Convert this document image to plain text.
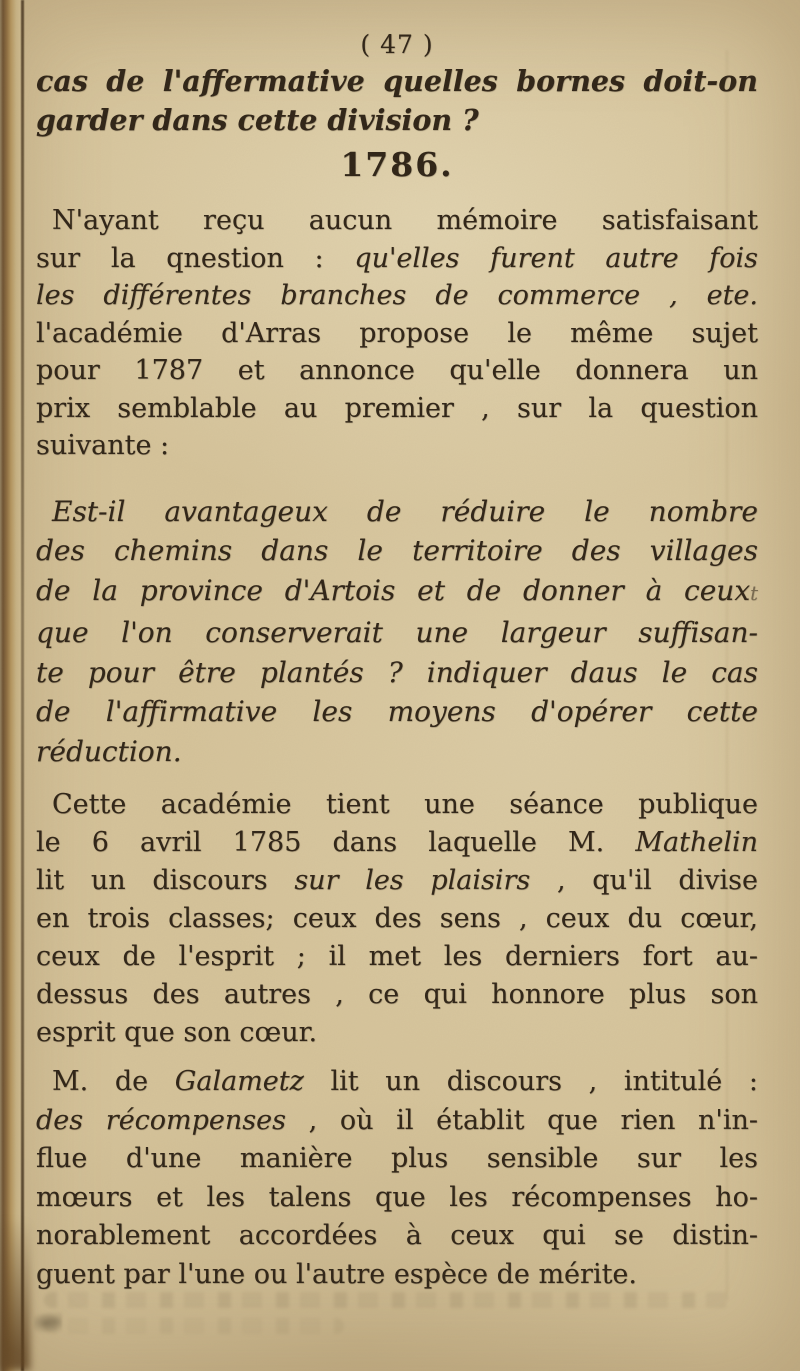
( 47 )
cas de l'affermative quelles bornes doit-on
garder dans cette division ?
1786.
N'ayant reçu aucun mémoire satisfaisant
sur la qnestion : qu'elles furent autre fois
les différentes branches de commerce , ete.
l'académie d'Arras propose le même sujet
pour 1787 et annonce qu'elle donnera un
prix semblable au premier , sur la question
suivante :
Est-il avantageux de réduire le nombre
des chemins dans le territoire des villages
de la province d'Artois et de donner à ceuxt
que l'on conserverait une largeur suffisan-
te pour être plantés ? indiquer daus le cas
de l'affirmative les moyens d'opérer cette
réduction.
Cette académie tient une séance publique
le 6 avril 1785 dans laquelle M. Mathelin
lit un discours sur les plaisirs , qu'il divise
en trois classes; ceux des sens , ceux du cœur,
ceux de l'esprit ; il met les derniers fort au-
dessus des autres , ce qui honnore plus son
esprit que son cœur.
M. de Galametz lit un discours , intitulé :
des récompenses , où il établit que rien n'in-
flue d'une manière plus sensible sur les
mœurs et les talens que les récompenses ho-
norablement accordées à ceux qui se distin-
guent par l'une ou l'autre espèce de mérite.
